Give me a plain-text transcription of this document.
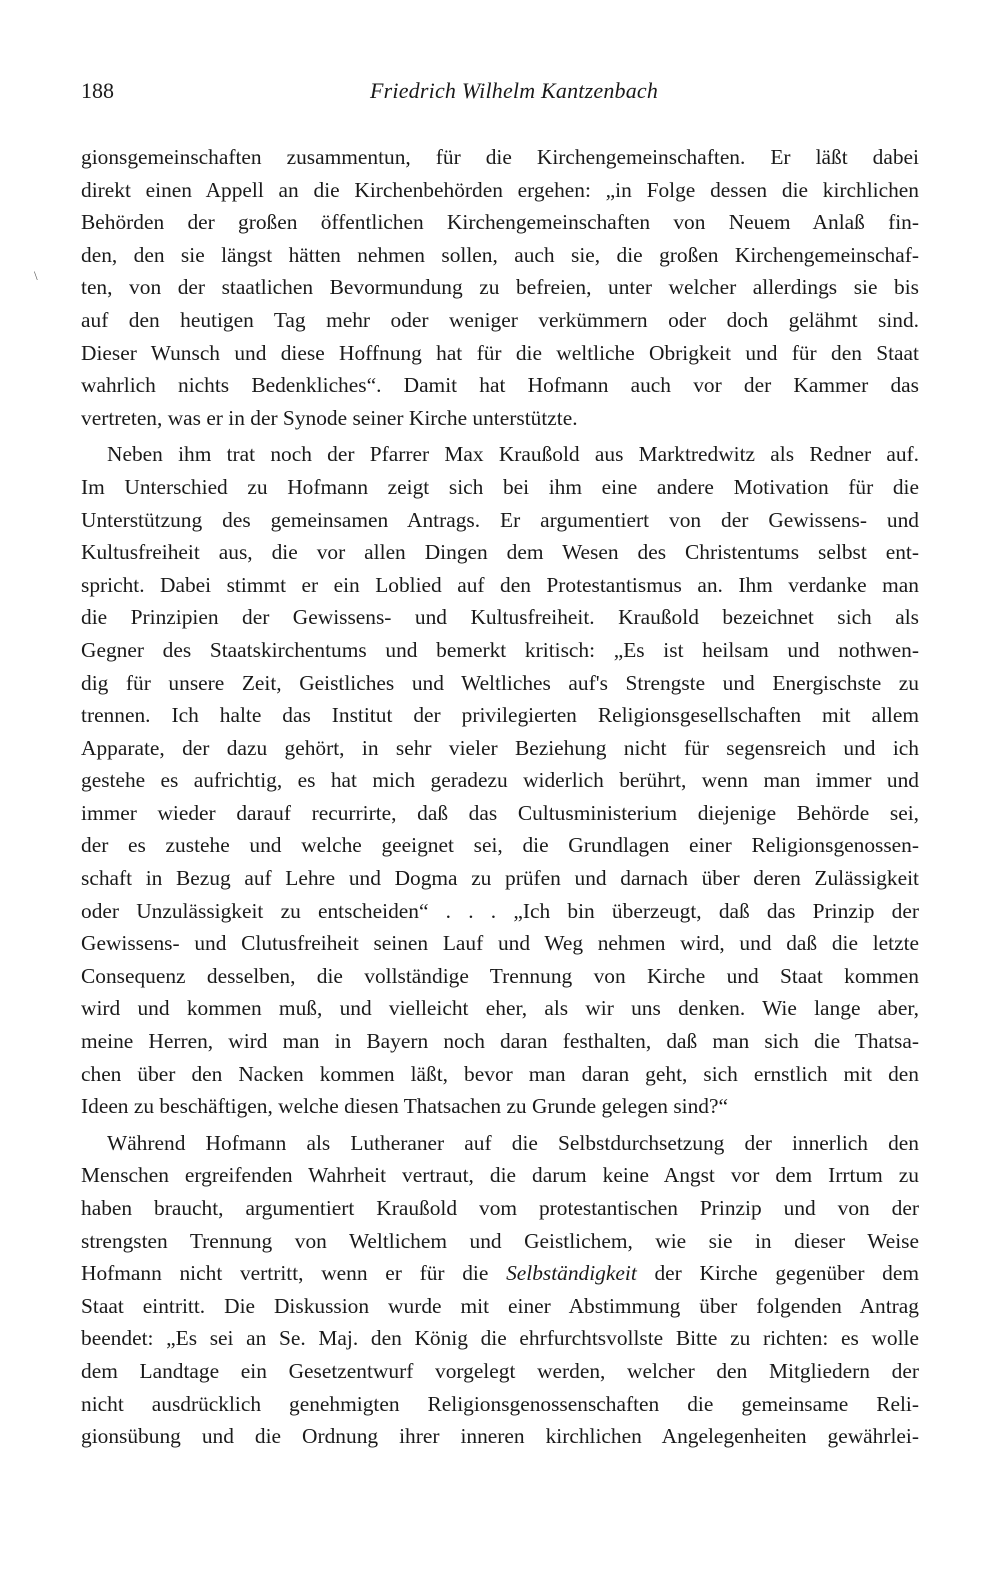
188	Friedrich Wilhelm Kantzenbach
\
gionsgemeinschaften zusammentun, für die Kirchengemeinschaften. Er läßt dabei
direkt einen Appell an die Kirchenbehörden ergehen: „in Folge dessen die kirchlichen
Behörden der großen öffentlichen Kirchengemeinschaften von Neuem Anlaß fin-
den, den sie längst hätten nehmen sollen, auch sie, die großen Kirchengemeinschaf-
ten, von der staatlichen Bevormundung zu befreien, unter welcher allerdings sie bis
auf den heutigen Tag mehr oder weniger verkümmern oder doch gelähmt sind.
Dieser Wunsch und diese Hoffnung hat für die weltliche Obrigkeit und für den Staat
wahrlich nichts Bedenkliches“. Damit hat Hofmann auch vor der Kammer das
vertreten, was er in der Synode seiner Kirche unterstützte.
Neben ihm trat noch der Pfarrer Max Kraußold aus Marktredwitz als Redner auf.
Im Unterschied zu Hofmann zeigt sich bei ihm eine andere Motivation für die
Unterstützung des gemeinsamen Antrags. Er argumentiert von der Gewissens- und
Kultusfreiheit aus, die vor allen Dingen dem Wesen des Christentums selbst ent-
spricht. Dabei stimmt er ein Loblied auf den Protestantismus an. Ihm verdanke man
die Prinzipien der Gewissens- und Kultusfreiheit. Kraußold bezeichnet sich als
Gegner des Staatskirchentums und bemerkt kritisch: „Es ist heilsam und nothwen-
dig für unsere Zeit, Geistliches und Weltliches auf's Strengste und Energischste zu
trennen. Ich halte das Institut der privilegierten Religionsgesellschaften mit allem
Apparate, der dazu gehört, in sehr vieler Beziehung nicht für segensreich und ich
gestehe es aufrichtig, es hat mich geradezu widerlich berührt, wenn man immer und
immer wieder darauf recurrirte, daß das Cultusministerium diejenige Behörde sei,
der es zustehe und welche geeignet sei, die Grundlagen einer Religionsgenossen-
schaft in Bezug auf Lehre und Dogma zu prüfen und darnach über deren Zulässigkeit
oder Unzulässigkeit zu entscheiden“ . . . „Ich bin überzeugt, daß das Prinzip der
Gewissens- und Clutusfreiheit seinen Lauf und Weg nehmen wird, und daß die letzte
Consequenz desselben, die vollständige Trennung von Kirche und Staat kommen
wird und kommen muß, und vielleicht eher, als wir uns denken. Wie lange aber,
meine Herren, wird man in Bayern noch daran festhalten, daß man sich die Thatsa-
chen über den Nacken kommen läßt, bevor man daran geht, sich ernstlich mit den
Ideen zu beschäftigen, welche diesen Thatsachen zu Grunde gelegen sind?“
Während Hofmann als Lutheraner auf die Selbstdurchsetzung der innerlich den
Menschen ergreifenden Wahrheit vertraut, die darum keine Angst vor dem Irrtum zu
haben braucht, argumentiert Kraußold vom protestantischen Prinzip und von der
strengsten Trennung von Weltlichem und Geistlichem, wie sie in dieser Weise
Hofmann nicht vertritt, wenn er für die Selbständigkeit der Kirche gegenüber dem
Staat eintritt. Die Diskussion wurde mit einer Abstimmung über folgenden Antrag
beendet: „Es sei an Se. Maj. den König die ehrfurchtsvollste Bitte zu richten: es wolle
dem Landtage ein Gesetzentwurf vorgelegt werden, welcher den Mitgliedern der
nicht ausdrücklich genehmigten Religionsgenossenschaften die gemeinsame Reli-
gionsübung und die Ordnung ihrer inneren kirchlichen Angelegenheiten gewährlei-
